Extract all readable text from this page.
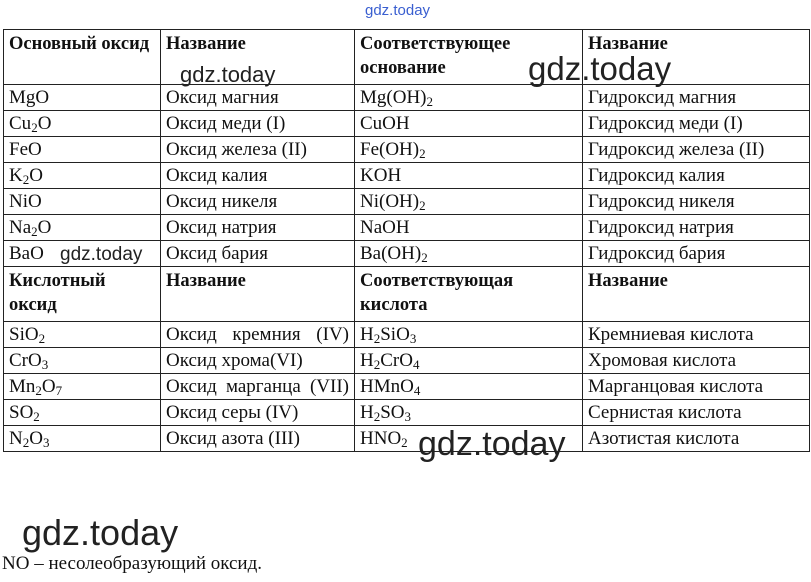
gdz.today
Основный оксид	Название	Соответствующее основание	Название
MgO	Оксид магния	$Mg(OH)_2$	Гидроксид магния
$Cu_2O$	Оксид меди (I)	CuOH	Гидроксид меди (I)
FeO	Оксид железа (II)	$Fe(OH)_2$	Гидроксид железа (II)
$K_2O$	Оксид калия	KOH	Гидроксид калия
NiO	Оксид никеля	$Ni(OH)_2$	Гидроксид никеля
$Na_2O$	Оксид натрия	NaOH	Гидроксид натрия
BaO	Оксид бария	$Ba(OH)_2$	Гидроксид бария
Кислотный оксид	Название	Соответствующая кислота	Название
SiO$_2$	Оксид кремния (IV)	$H_2SiO_3$	Кремниевая кислота
CrO$_3$	Оксид хрома(VI)	$H_2CrO_4$	Хромовая кислота
$Mn_2O_7$	Оксид марганца (VII)	HMnO$_4$	Марганцовая кислота
$SO_2$	Оксид серы (IV)	$H_2SO_3$	Сернистая кислота
$N_2O_3$	Оксид азота (III)	$HNO_2$	Азотистая кислота
gdz.today	gdz.today
gdz.today
gdz.today
gdz.today
NO – несолеобразующий оксид.
